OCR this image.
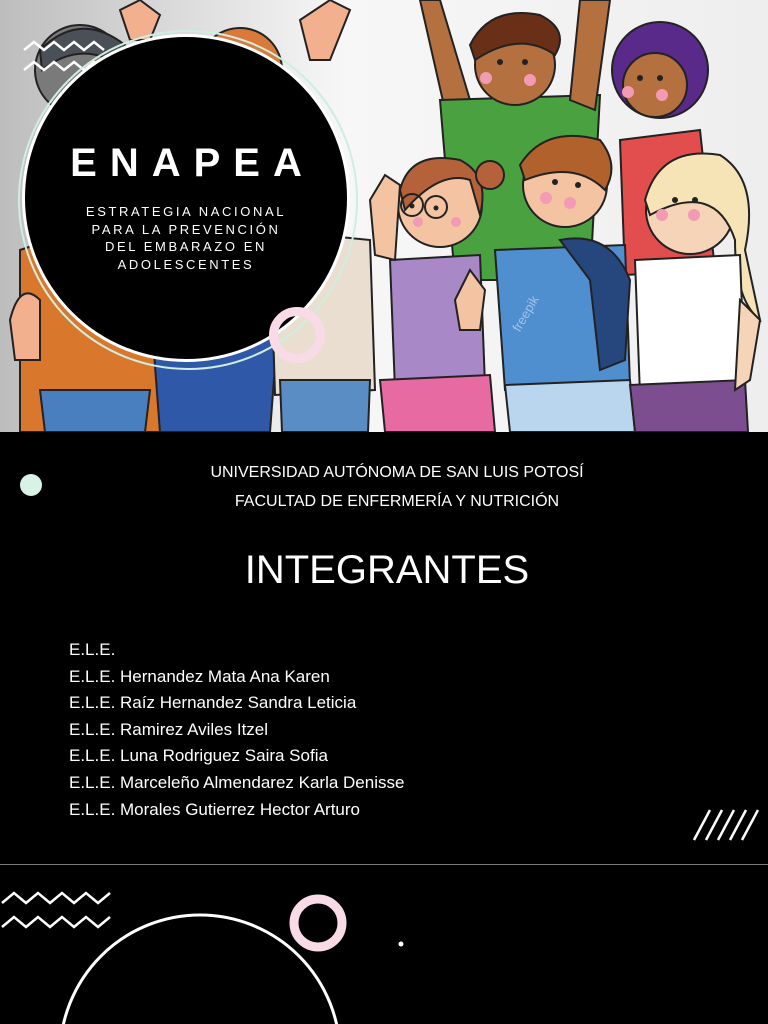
freepik
ENAPEA
ESTRATEGIA NACIONAL PARA LA PREVENCIÓN DEL EMBARAZO EN ADOLESCENTES
UNIVERSIDAD AUTÓNOMA DE SAN LUIS POTOSÍ
FACULTAD DE ENFERMERÍA Y NUTRICIÓN
INTEGRANTES
E.L.E.
E.L.E. Hernandez Mata Ana Karen
E.L.E. Raíz Hernandez Sandra Leticia
E.L.E. Ramirez Aviles Itzel
E.L.E. Luna Rodriguez Saira Sofia
E.L.E. Marceleño Almendarez Karla Denisse
E.L.E. Morales Gutierrez Hector Arturo
